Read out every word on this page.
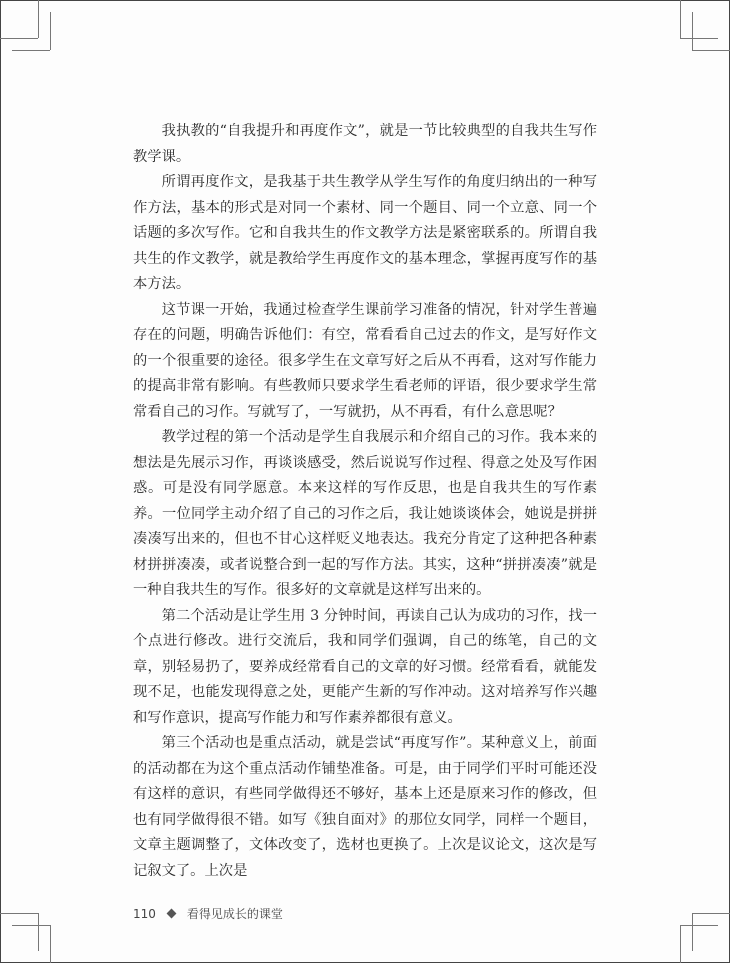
我执教的“自我提升和再度作文”，就是一节比较典型的自我共生写作教学课。

所谓再度作文，是我基于共生教学从学生写作的角度归纳出的一种写作方法，基本的形式是对同一个素材、同一个题目、同一个立意、同一个话题的多次写作。它和自我共生的作文教学方法是紧密联系的。所谓自我共生的作文教学，就是教给学生再度作文的基本理念，掌握再度写作的基本方法。

这节课一开始，我通过检查学生课前学习准备的情况，针对学生普遍存在的问题，明确告诉他们：有空，常看看自己过去的作文，是写好作文的一个很重要的途径。很多学生在文章写好之后从不再看，这对写作能力的提高非常有影响。有些教师只要求学生看老师的评语，很少要求学生常常看自己的习作。写就写了，一写就扔，从不再看，有什么意思呢？

教学过程的第一个活动是学生自我展示和介绍自己的习作。我本来的想法是先展示习作，再谈谈感受，然后说说写作过程、得意之处及写作困惑。可是没有同学愿意。本来这样的写作反思，也是自我共生的写作素养。一位同学主动介绍了自己的习作之后，我让她谈谈体会，她说是拼拼凑凑写出来的，但也不甘心这样贬义地表达。我充分肯定了这种把各种素材拼拼凑凑，或者说整合到一起的写作方法。其实，这种“拼拼凑凑”就是一种自我共生的写作。很多好的文章就是这样写出来的。

第二个活动是让学生用 3 分钟时间，再读自己认为成功的习作，找一个点进行修改。进行交流后，我和同学们强调，自己的练笔，自己的文章，别轻易扔了，要养成经常看自己的文章的好习惯。经常看看，就能发现不足，也能发现得意之处，更能产生新的写作冲动。这对培养写作兴趣和写作意识，提高写作能力和写作素养都很有意义。

第三个活动也是重点活动，就是尝试“再度写作”。某种意义上，前面的活动都在为这个重点活动作铺垫准备。可是，由于同学们平时可能还没有这样的意识，有些同学做得还不够好，基本上还是原来习作的修改，但也有同学做得很不错。如写《独自面对》的那位女同学，同样一个题目，文章主题调整了，文体改变了，选材也更换了。上次是议论文，这次是写记叙文了。上次是

110	看得见成长的课堂
